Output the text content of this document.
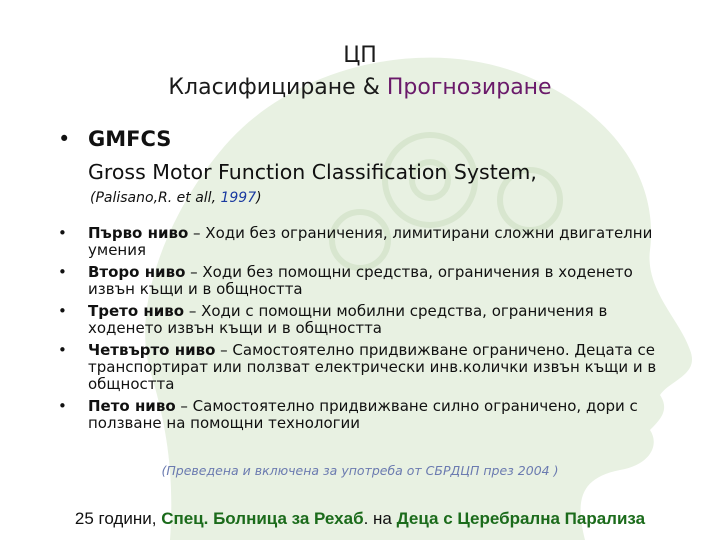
ЦП
Класифициране & Прогнозиране
• GMFCS
Gross Motor Function Classification System,
(Palisano,R. et all, 1997)
• Първо ниво – Ходи без ограничения, лимитирани сложни двигателни умения
• Второ ниво – Ходи без помощни средства, ограничения в ходенето извън къщи и в общността
• Трето ниво – Ходи с помощни мобилни средства, ограничения в ходенето извън къщи и в общността
• Четвърто ниво – Самостоятелно придвижване ограничено. Децата се транспортират или ползват електрически инв.колички извън къщи и в общността
• Пето ниво – Самостоятелно придвижване силно ограничено, дори с ползване на помощни технологии
(Преведена и включена за употреба от СБРДЦП през 2004 )
25 години, Спец. Болница за Рехаб. на Деца с Церебрална Парализа
